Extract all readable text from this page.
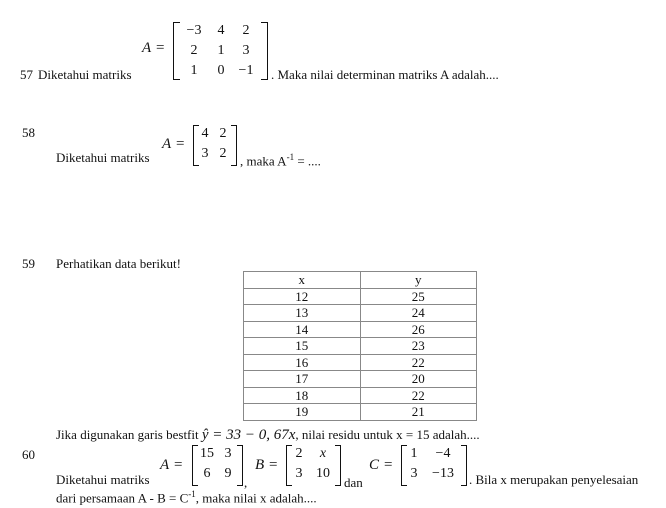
57 Diketahui matriks
A =
−3	4	2
2	1	3
1	0	−1	. Maka nilai determinan matriks A adalah....
58
Diketahui matriks
A =
4 2
3 2 , maka $A^{-1}$ = ....
59 Perhatikan data berikut!
x	y
12	25
13	24
14	26
15	23
16	22
17	20
18	22
19	21
Jika digunakan garis bestfit ŷ = 33 − 0, 67x, nilai residu untuk x = 15 adalah....
60
Diketahui matriks
A =
15 3
6	9
,
B =
2	x
3 10
dan
C =
1	−4
3	−13	. Bila x merupakan penyelesaian
dari persamaan $A - B = C^{-1}$, maka nilai x adalah....
